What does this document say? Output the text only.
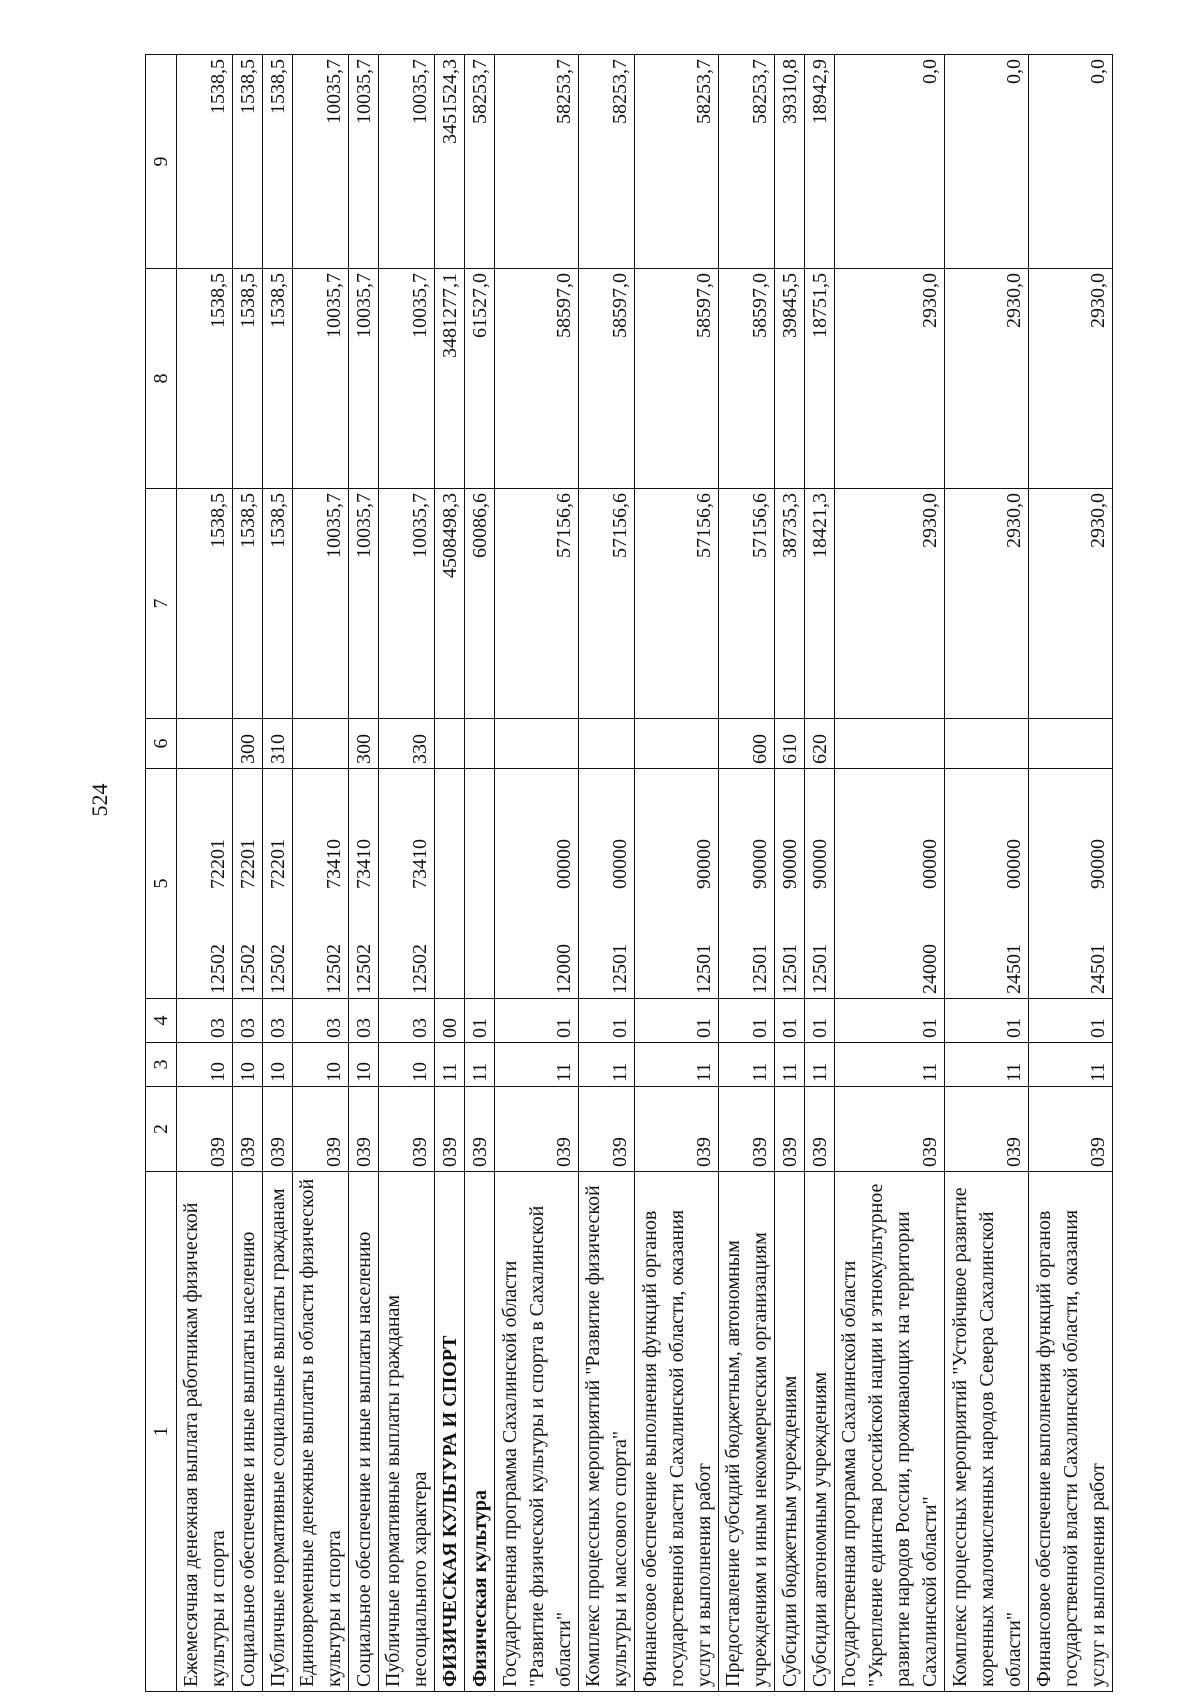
524
1	2	3	4	5	6	7	8	9
Ежемесячная денежная выплата работникам физической культуры и спорта	039	10	03	1250272201		1538,5	1538,5	1538,5
Социальное обеспечение и иные выплаты населению	039	10	03	1250272201	300	1538,5	1538,5	1538,5
Публичные нормативные социальные выплаты гражданам	039	10	03	1250272201	310	1538,5	1538,5	1538,5
Единовременные денежные выплаты в области физической культуры и спорта	039	10	03	1250273410		10035,7	10035,7	10035,7
Социальное обеспечение и иные выплаты населению	039	10	03	1250273410	300	10035,7	10035,7	10035,7
Публичные нормативные выплаты гражданам несоциального характера	039	10	03	1250273410	330	10035,7	10035,7	10035,7
ФИЗИЧЕСКАЯ КУЛЬТУРА И СПОРТ	039	11	00			4508498,3	3481277,1	3451524,3
Физическая культура	039	11	01			60086,6	61527,0	58253,7
Государственная программа Сахалинской области "Развитие физической культуры и спорта в Сахалинской области"	039	11	01	1200000000		57156,6	58597,0	58253,7
Комплекс процессных мероприятий "Развитие физической культуры и массового спорта"	039	11	01	1250100000		57156,6	58597,0	58253,7
Финансовое обеспечение выполнения функций органов государственной власти Сахалинской области, оказания услуг и выполнения работ	039	11	01	1250190000		57156,6	58597,0	58253,7
Предоставление субсидий бюджетным, автономным учреждениям и иным некоммерческим организациям	039	11	01	1250190000	600	57156,6	58597,0	58253,7
Субсидии бюджетным учреждениям	039	11	01	1250190000	610	38735,3	39845,5	39310,8
Субсидии автономным учреждениям	039	11	01	1250190000	620	18421,3	18751,5	18942,9
Государственная программа Сахалинской области "Укрепление единства российской нации и этнокультурное развитие народов России, проживающих на территории Сахалинской области"	039	11	01	2400000000		2930,0	2930,0	0,0
Комплекс процессных мероприятий "Устойчивое развитие коренных малочисленных народов Севера Сахалинской области"	039	11	01	2450100000		2930,0	2930,0	0,0
Финансовое обеспечение выполнения функций органов государственной власти Сахалинской области, оказания услуг и выполнения работ	039	11	01	2450190000		2930,0	2930,0	0,0
